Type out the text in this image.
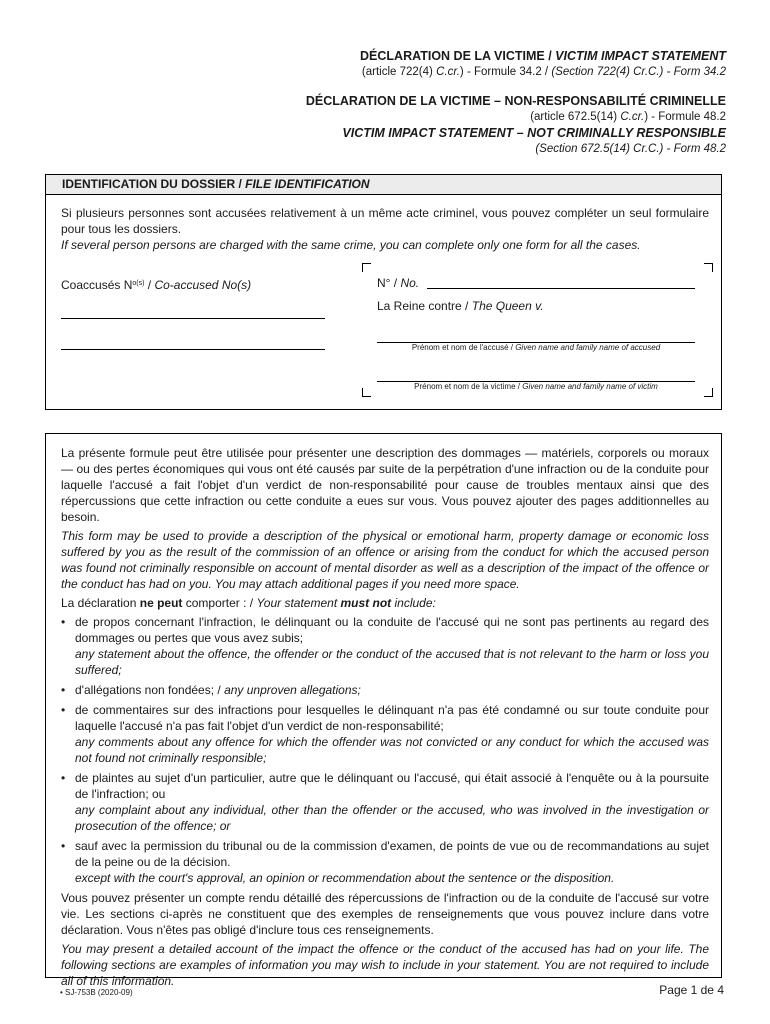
DÉCLARATION DE LA VICTIME / VICTIM IMPACT STATEMENT
(article 722(4) C.cr.) - Formule 34.2 / (Section 722(4) Cr.C.) - Form 34.2
DÉCLARATION DE LA VICTIME – NON-RESPONSABILITÉ CRIMINELLE
(article 672.5(14) C.cr.) - Formule 48.2
VICTIM IMPACT STATEMENT – NOT CRIMINALLY RESPONSIBLE
(Section 672.5(14) Cr.C.) - Form 48.2
IDENTIFICATION DU DOSSIER / FILE IDENTIFICATION

Si plusieurs personnes sont accusées relativement à un même acte criminel, vous pouvez compléter un seul formulaire pour tous les dossiers.

If several person persons are charged with the same crime, you can complete only one form for all the cases.

Coaccusés $N^{o(s)}$ / Co-accused No(s)	N° / No.
La Reine contre / The Queen v.
Prénom et nom de l'accusé / Given name and family name of accused
Prénom et nom de la victime / Given name and family name of victim

La présente formule peut être utilisée pour présenter une description des dommages — matériels, corporels ou moraux — ou des pertes économiques qui vous ont été causés par suite de la perpétration d'une infraction ou de la conduite pour laquelle l'accusé a fait l'objet d'un verdict de non-responsabilité pour cause de troubles mentaux ainsi que des répercussions que cette infraction ou cette conduite a eues sur vous. Vous pouvez ajouter des pages additionnelles au besoin.

This form may be used to provide a description of the physical or emotional harm, property damage or economic loss suffered by you as the result of the commission of an offence or arising from the conduct for which the accused person was found not criminally responsible on account of mental disorder as well as a description of the impact of the offence or the conduct has had on you. You may attach additional pages if you need more space.

La déclaration ne peut comporter : / Your statement must not include:

• de propos concernant l'infraction, le délinquant ou la conduite de l'accusé qui ne sont pas pertinents au regard des dommages ou pertes que vous avez subis;
any statement about the offence, the offender or the conduct of the accused that is not relevant to the harm or loss you suffered;
• d'allégations non fondées; / any unproven allegations;
• de commentaires sur des infractions pour lesquelles le délinquant n'a pas été condamné ou sur toute conduite pour laquelle l'accusé n'a pas fait l'objet d'un verdict de non-responsabilité;
any comments about any offence for which the offender was not convicted or any conduct for which the accused was not found not criminally responsible;
• de plaintes au sujet d'un particulier, autre que le délinquant ou l'accusé, qui était associé à l'enquête ou à la poursuite de l'infraction; ou
any complaint about any individual, other than the offender or the accused, who was involved in the investigation or prosecution of the offence; or
• sauf avec la permission du tribunal ou de la commission d'examen, de points de vue ou de recommandations au sujet de la peine ou de la décision.
except with the court's approval, an opinion or recommendation about the sentence or the disposition.

Vous pouvez présenter un compte rendu détaillé des répercussions de l'infraction ou de la conduite de l'accusé sur votre vie. Les sections ci-après ne constituent que des exemples de renseignements que vous pouvez inclure dans votre déclaration. Vous n'êtes pas obligé d'inclure tous ces renseignements.

You may present a detailed account of the impact the offence or the conduct of the accused has had on your life. The following sections are examples of information you may wish to include in your statement. You are not required to include all of this information.

• SJ-753B (2020-09)	Page 1 de 4
